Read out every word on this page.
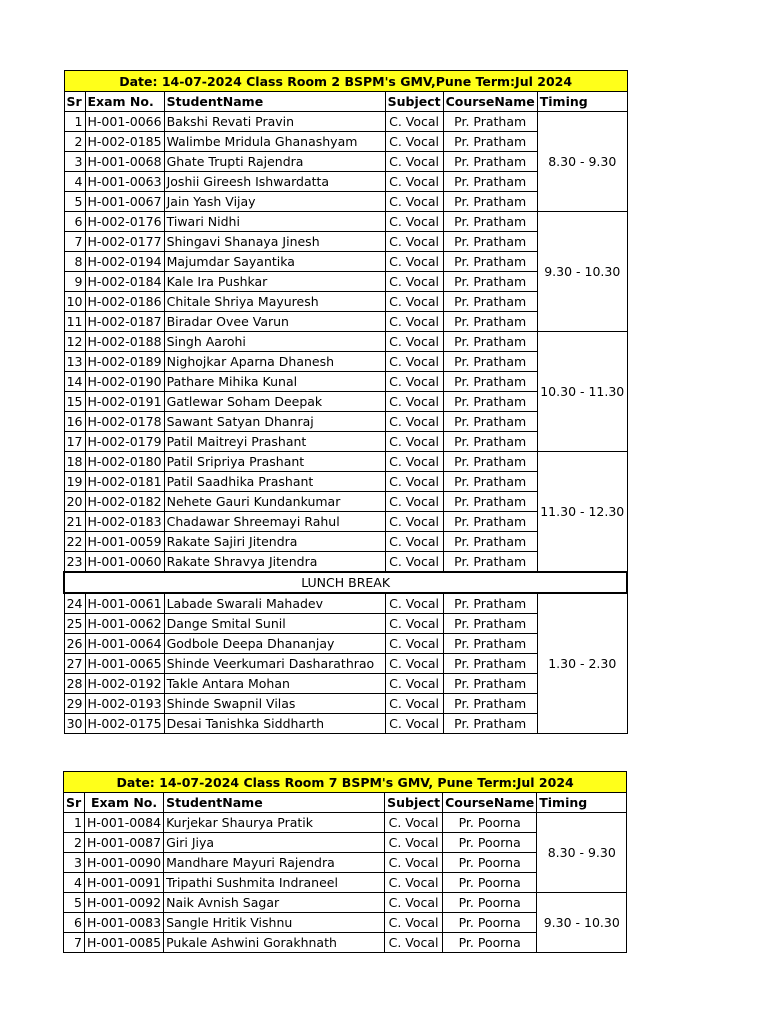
Date: 14-07-2024 Class Room 2 BSPM's GMV,Pune Term:Jul 2024					
Sr	Exam No.	StudentName	Subject	CourseName	Timing
1	H-001-0066	Bakshi Revati Pravin	C. Vocal	Pr. Pratham	8.30 - 9.30
2	H-002-0185	Walimbe Mridula Ghanashyam	C. Vocal	Pr. Pratham	
3	H-001-0068	Ghate Trupti Rajendra	C. Vocal	Pr. Pratham	
4	H-001-0063	Joshii Gireesh Ishwardatta	C. Vocal	Pr. Pratham	
5	H-001-0067	Jain Yash Vijay	C. Vocal	Pr. Pratham	
6	H-002-0176	Tiwari Nidhi	C. Vocal	Pr. Pratham	9.30 - 10.30
7	H-002-0177	Shingavi Shanaya Jinesh	C. Vocal	Pr. Pratham	
8	H-002-0194	Majumdar Sayantika	C. Vocal	Pr. Pratham	
9	H-002-0184	Kale Ira Pushkar	C. Vocal	Pr. Pratham	
10	H-002-0186	Chitale Shriya Mayuresh	C. Vocal	Pr. Pratham	
11	H-002-0187	Biradar Ovee Varun	C. Vocal	Pr. Pratham	
12	H-002-0188	Singh Aarohi	C. Vocal	Pr. Pratham	10.30 - 11.30
13	H-002-0189	Nighojkar Aparna Dhanesh	C. Vocal	Pr. Pratham	
14	H-002-0190	Pathare Mihika Kunal	C. Vocal	Pr. Pratham	
15	H-002-0191	Gatlewar Soham Deepak	C. Vocal	Pr. Pratham	
16	H-002-0178	Sawant Satyan Dhanraj	C. Vocal	Pr. Pratham	
17	H-002-0179	Patil Maitreyi Prashant	C. Vocal	Pr. Pratham	
18	H-002-0180	Patil Sripriya Prashant	C. Vocal	Pr. Pratham	11.30 - 12.30
19	H-002-0181	Patil Saadhika Prashant	C. Vocal	Pr. Pratham	
20	H-002-0182	Nehete Gauri Kundankumar	C. Vocal	Pr. Pratham	
21	H-002-0183	Chadawar Shreemayi Rahul	C. Vocal	Pr. Pratham	
22	H-001-0059	Rakate Sajiri Jitendra	C. Vocal	Pr. Pratham	
23	H-001-0060	Rakate Shravya Jitendra	C. Vocal	Pr. Pratham	
LUNCH BREAK					
24	H-001-0061	Labade Swarali Mahadev	C. Vocal	Pr. Pratham	1.30 - 2.30
25	H-001-0062	Dange Smital Sunil	C. Vocal	Pr. Pratham	
26	H-001-0064	Godbole Deepa Dhananjay	C. Vocal	Pr. Pratham	
27	H-001-0065	Shinde Veerkumari Dasharathrao	C. Vocal	Pr. Pratham	
28	H-002-0192	Takle Antara Mohan	C. Vocal	Pr. Pratham	
29	H-002-0193	Shinde Swapnil Vilas	C. Vocal	Pr. Pratham	
30	H-002-0175	Desai Tanishka Siddharth	C. Vocal	Pr. Pratham	
Date: 14-07-2024 Class Room 7 BSPM's GMV, Pune Term:Jul 2024					
Sr	Exam No.	StudentName	Subject	CourseName	Timing
1	H-001-0084	Kurjekar Shaurya Pratik	C. Vocal	Pr. Poorna	8.30 - 9.30
2	H-001-0087	Giri Jiya	C. Vocal	Pr. Poorna	
3	H-001-0090	Mandhare Mayuri Rajendra	C. Vocal	Pr. Poorna	
4	H-001-0091	Tripathi Sushmita Indraneel	C. Vocal	Pr. Poorna	
5	H-001-0092	Naik Avnish Sagar	C. Vocal	Pr. Poorna	9.30 - 10.30
6	H-001-0083	Sangle Hritik Vishnu	C. Vocal	Pr. Poorna	
7	H-001-0085	Pukale Ashwini Gorakhnath	C. Vocal	Pr. Poorna	
